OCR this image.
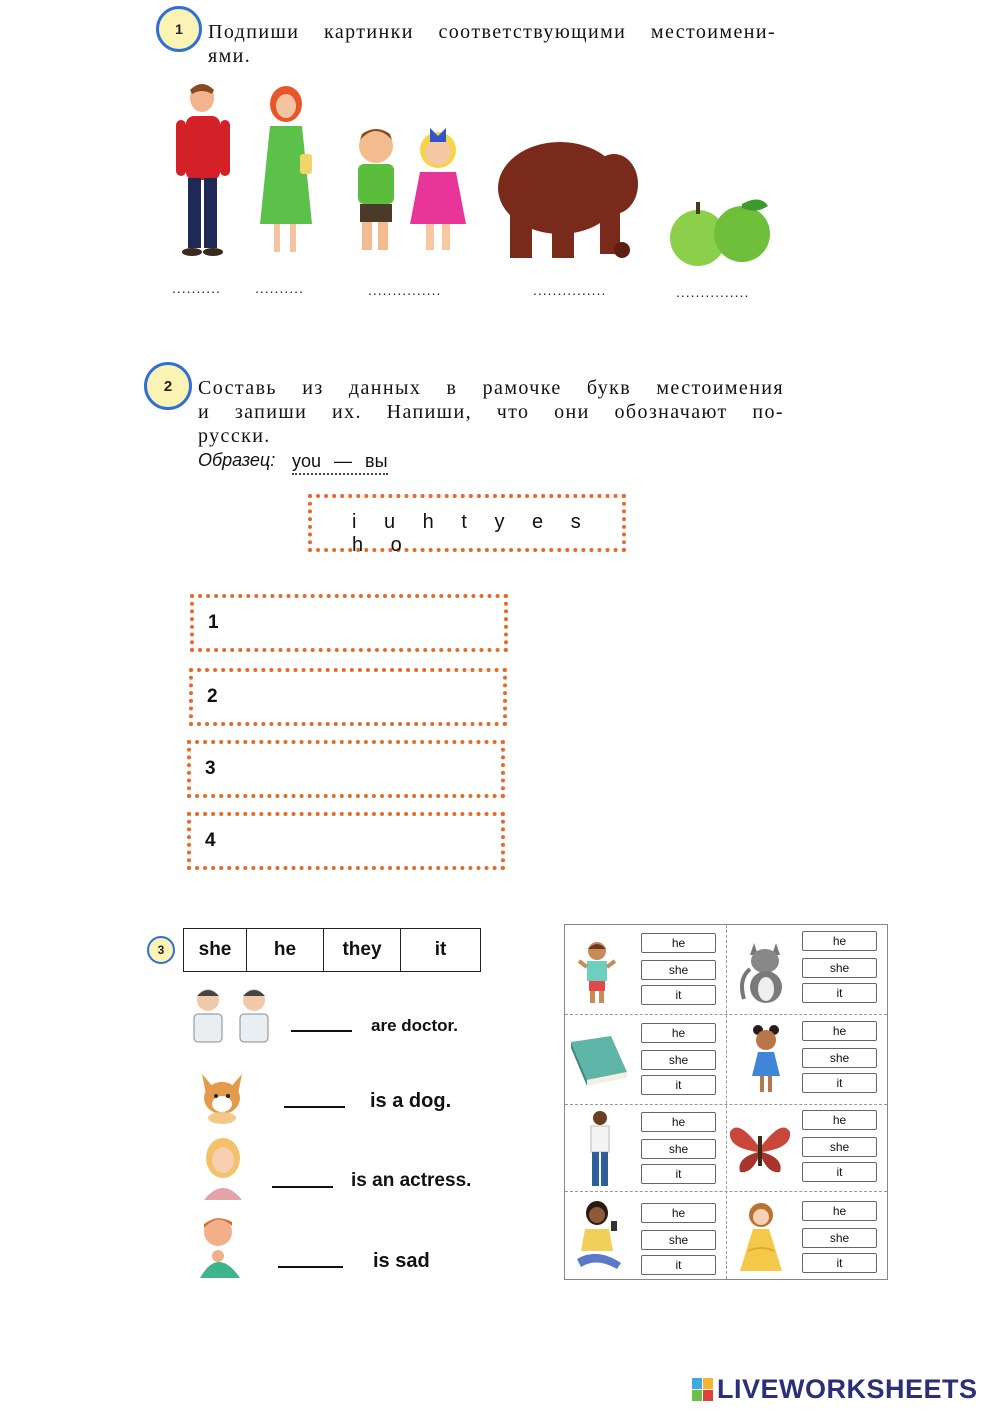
1	Подпиши картинки соответствующими местоимени-
ями.
.......... ..........	...............	...............	...............
2	Составь из данных в рамочке букв местоимения
и запиши их. Напиши, что они обозначают по-
русски.
Образец: you — вы
i u h t y e s h o
1
2
3
4
3	she	he	they	it
are doctor.
is a dog.
is an actress.
is sad
he
she
it
he
she
it
he
she
it
he
she
it
he
she
it
he
she
it
he
she
it
he
she
it
LIVEWORKSHEETS
